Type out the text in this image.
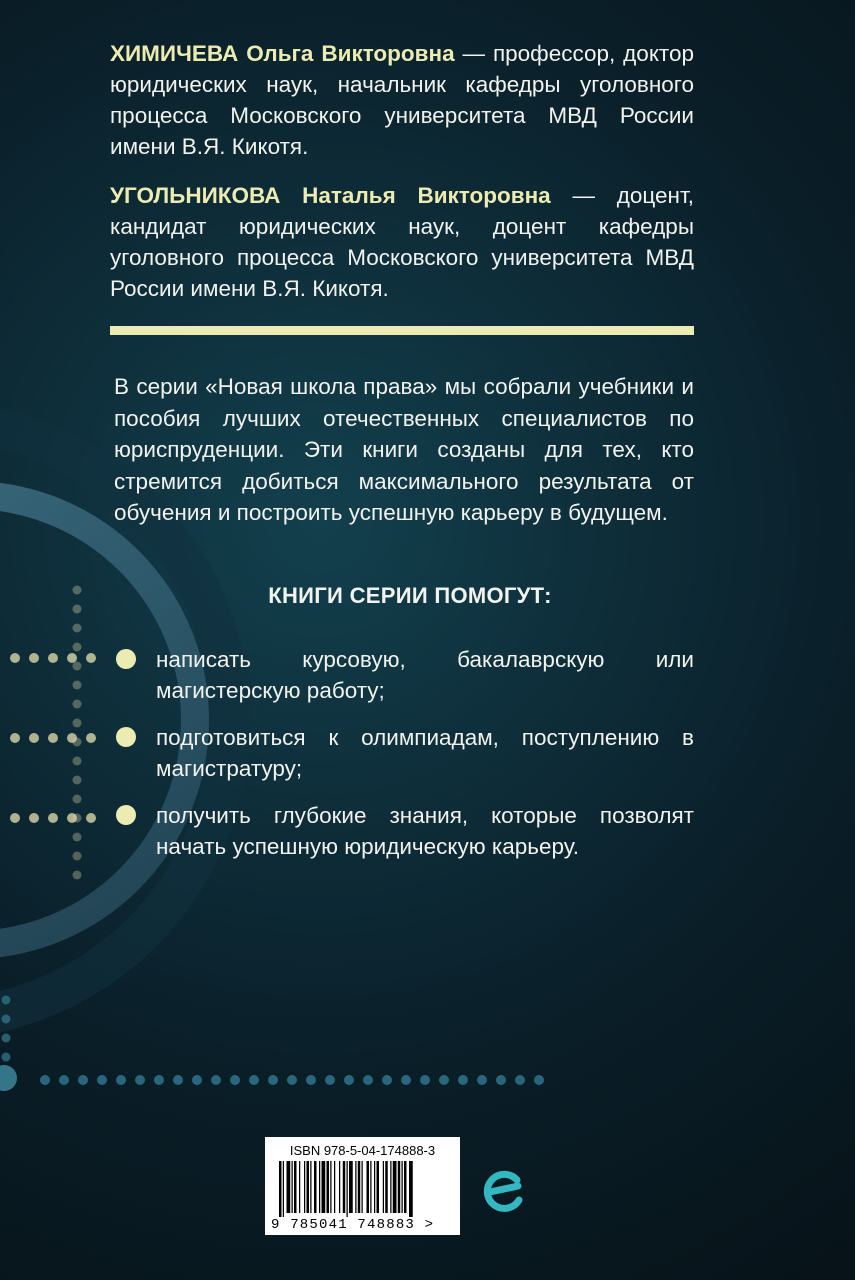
ХИМИЧЕВА Ольга Викторовна — профессор, доктор юридических наук, начальник кафедры уголовного процесса Московского университета МВД России имени В.Я. Кикотя.
УГОЛЬНИКОВА Наталья Викторовна — доцент, кандидат юридических наук, доцент кафедры уголовного процесса Московского университета МВД России имени В.Я. Кикотя.
В серии «Новая школа права» мы собрали учебники и пособия лучших отечественных специалистов по юриспруденции. Эти книги созданы для тех, кто стремится добиться максимального результата от обучения и построить успешную карьеру в будущем.
КНИГИ СЕРИИ ПОМОГУТ:
написать курсовую, бакалаврскую или магистерскую работу;
подготовиться к олимпиадам, поступлению в магистратуру;
получить глубокие знания, которые позволят начать успешную юридическую карьеру.
ISBN 978-5-04-174888-3
9 785041 748883 >
